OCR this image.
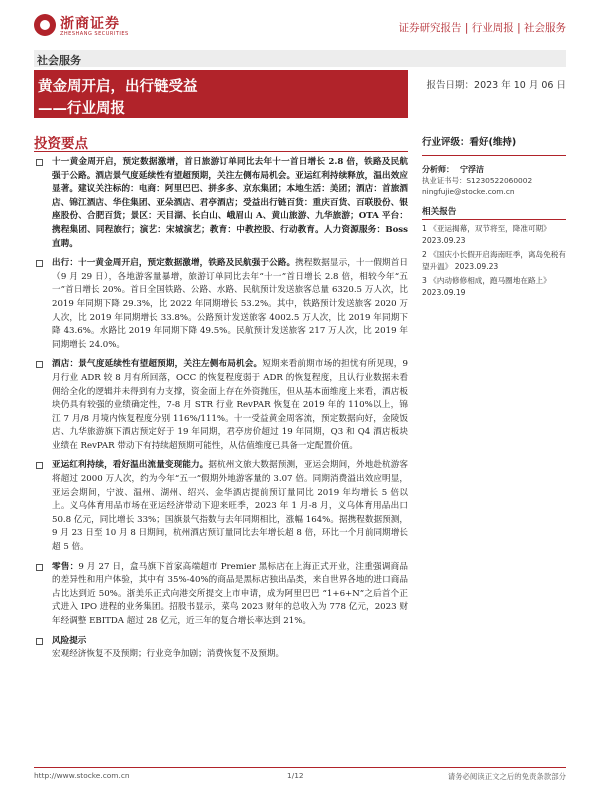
浙商证券
ZHESHANG SECURITIES	证券研究报告 | 行业周报 | 社会服务
社会服务
黄金周开启，出行链受益
——行业周报
报告日期：2023 年 10 月 06 日
投资要点
十一黄金周开启，预定数据激增，首日旅游订单同比去年十一首日增长 2.8 倍，铁路及民航强于公路。酒店景气度延续性有望超预期，关注左侧布局机会。亚运红利持续释放，温出效应显著。建议关注标的：电商：阿里巴巴、拼多多、京东集团；本地生活：美团；酒店：首旅酒店、锦江酒店、华住集团、亚朵酒店、君亭酒店；受益出行链百货：重庆百货、百联股份、银座股份、合肥百货；景区：天目湖、长白山、峨眉山 A、黄山旅游、九华旅游；OTA 平台：携程集团、同程旅行；演艺：宋城演艺；教育：中教控股、行动教育。人力资源服务：Boss 直聘。
出行：十一黄金周开启，预定数据激增，铁路及民航强于公路。携程数据显示，十一假期首日（9 月 29 日），各地游客量暴增，旅游订单同比去年“十一”首日增长 2.8 倍，相较今年“五一”首日增长 20%。首日全国铁路、公路、水路、民航预计发送旅客总量 6320.5 万人次，比 2019 年同期下降 29.3%，比 2022 年同期增长 53.2%。其中，铁路预计发送旅客 2020 万人次，比 2019 年同期增长 33.8%。公路预计发送旅客 4002.5 万人次，比 2019 年同期下降 43.6%。水路比 2019 年同期下降 49.5%。民航预计发送旅客 217 万人次，比 2019 年同期增长 24.0%。
酒店：景气度延续性有望超预期，关注左侧布局机会。短期来看前期市场的担忧有所见现，9 月行业 ADR 较 8 月有所回落，OCC 的恢复程度弱于 ADR 的恢复程度，且认行业数据未看佣给全化的逻辑并未得到有力支撑，资金面上存在外资抛压，但从基本面维度上来看，酒店板块仍具有较强的业绩确定性，7-8 月 STR 行业 RevPAR 恢复在 2019 年的 110%以上，锦江 7 月/8 月境内恢复程度分别 116%/111%。十一受益黄金周客流，预定数据向好，金陵饭店、九华旅游旗下酒店预定好于 19 年同期，君亭房价超过 19 年同期，Q3 和 Q4 酒店板块业绩在 RevPAR 带动下有持续超预期可能性，从估值维度已具备一定配置价值。
亚运红利持续，看好温出流量变现能力。据杭州文旅大数据预测，亚运会期间，外地赴杭游客将超过 2000 万人次，约为今年“五一”假期外地游客量的 3.07 倍。同期消费溢出效应明显，亚运会期间，宁波、温州、湖州、绍兴、金华酒店提前预订量同比 2019 年均增长 5 倍以上。义乌体育用品市场在亚运经济带动下迎来旺季，2023 年 1 月-8 月，义乌体育用品出口 50.8 亿元，同比增长 33%；国旗景气指数与去年同期相比，涨幅 164%。据携程数据预测，9 月 23 日至 10 月 8 日期间，杭州酒店预订量同比去年增长超 8 倍，环比一个月前同期增长超 5 倍。
零售：9 月 27 日，盒马旗下首家高端超市 Premier 黑标店在上海正式开业，注重强调商品的差异性和用户体验，其中有 35%-40%的商品是黑标店独出品类，来自世界各地的进口商品占比达到近 50%。浙美乐正式向港交所提交上市申请，成为阿里巴巴 “1+6+N”之后首个正式进入 IPO 进程的业务集团。招股书显示，菜鸟 2023 财年的总收入为 778 亿元，2023 财年经调整 EBITDA 超过 28 亿元，近三年的复合增长率达到 21%。
风险提示
宏观经济恢复不及预期；行业竞争加剧；消费恢复不及预期。
行业评级：看好(维持)
分析师： 宁浮洁
执业证书号：S1230522060002
ningfujie@stocke.com.cn
相关报告
1 《亚运揭幕，双节将至，降准可期》 2023.09.23
2 《国庆小长假开启海南旺季，离岛免税有望升温》 2023.09.23
3 《内动修修相成，跑马圈地在路上》 2023.09.19
http://www.stocke.com.cn	1/12	请务必阅读正文之后的免责条款部分
